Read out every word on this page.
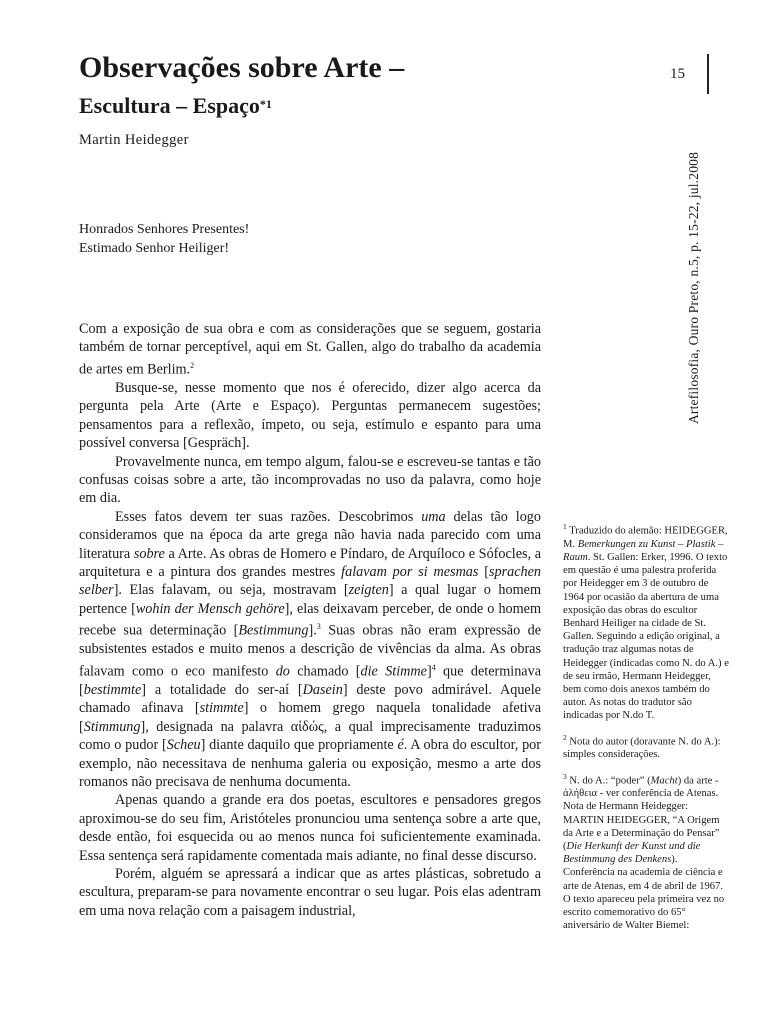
Observações sobre Arte –
Escultura – Espaço$^{*1}$
Martin Heidegger
15
Artefilosofia, Ouro Preto, n.5, p. 15-22, jul.2008
Honrados Senhores Presentes!
Estimado Senhor Heiliger!

Com a exposição de sua obra e com as considerações que se seguem, gostaria também de tornar perceptível, aqui em St. Gallen, algo do trabalho da academia de artes em Berlim.$^2$

Busque-se, nesse momento que nos é oferecido, dizer algo acerca da pergunta pela Arte (Arte e Espaço). Perguntas permanecem sugestões; pensamentos para a reflexão, ímpeto, ou seja, estímulo e espanto para uma possível conversa [Gespräch].

Provavelmente nunca, em tempo algum, falou-se e escreveu-se tantas e tão confusas coisas sobre a arte, tão incomprovadas no uso da palavra, como hoje em dia.

Esses fatos devem ter suas razões. Descobrimos uma delas tão logo consideramos que na época da arte grega não havia nada parecido com uma literatura sobre a Arte. As obras de Homero e Píndaro, de Arquíloco e Sófocles, a arquitetura e a pintura dos grandes mestres falavam por si mesmas [sprachen selber]. Elas falavam, ou seja, mostravam [zeigten] a qual lugar o homem pertence [wohin der Mensch gehöre], elas deixavam perceber, de onde o homem recebe sua determinação [Bestimmung].$^3$ Suas obras não eram expressão de subsistentes estados e muito menos a descrição de vivências da alma. As obras falavam como o eco manifesto do chamado [die Stimme]$^4$ que determinava [bestimmte] a totalidade do ser-aí [Dasein] deste povo admirável. Aquele chamado afinava [stimmte] o homem grego naquela tonalidade afetiva [Stimmung], designada na palavra αἰδώς, a qual imprecisamente traduzimos como o pudor [Scheu] diante daquilo que propriamente é. A obra do escultor, por exemplo, não necessitava de nenhuma galeria ou exposição, mesmo a arte dos romanos não precisava de nenhuma documenta.

Apenas quando a grande era dos poetas, escultores e pensadores gregos aproximou-se do seu fim, Aristóteles pronunciou uma sentença sobre a arte que, desde então, foi esquecida ou ao menos nunca foi suficientemente examinada. Essa sentença será rapidamente comentada mais adiante, no final desse discurso.

Porém, alguém se apressará a indicar que as artes plásticas, sobretudo a escultura, preparam-se para novamente encontrar o seu lugar. Pois elas adentram em uma nova relação com a paisagem industrial,

$^1$ Traduzido do alemão: HEIDEGGER, M. Bemerkungen zu Kunst – Plastik – Raum. St. Gallen: Erker, 1996. O texto em questão é uma palestra proferida por Heidegger em 3 de outubro de 1964 por ocasião da abertura de uma exposição das obras do escultor Benhard Heiliger na cidade de St. Gallen. Seguindo a edição original, a tradução traz algumas notas de Heidegger (indicadas como N. do A.) e de seu irmão, Hermann Heidegger, bem como dois anexos também do autor. As notas do tradutor são indicadas por N.do T.

$^2$ Nota do autor (doravante N. do A.): simples considerações.

$^3$ N. do A.: “poder” (Macht) da arte - ἀλήθεια - ver conferência de Atenas. Nota de Hermann Heidegger: MARTIN HEIDEGGER, “A Origem da Arte e a Determinação do Pensar” (Die Herkunft der Kunst und die Bestimmung des Denkens). Conferência na academia de ciência e arte de Atenas, em 4 de abril de 1967. O texto apareceu pela primeira vez no escrito comemorativo do 65° aniversário de Walter Biemel:
